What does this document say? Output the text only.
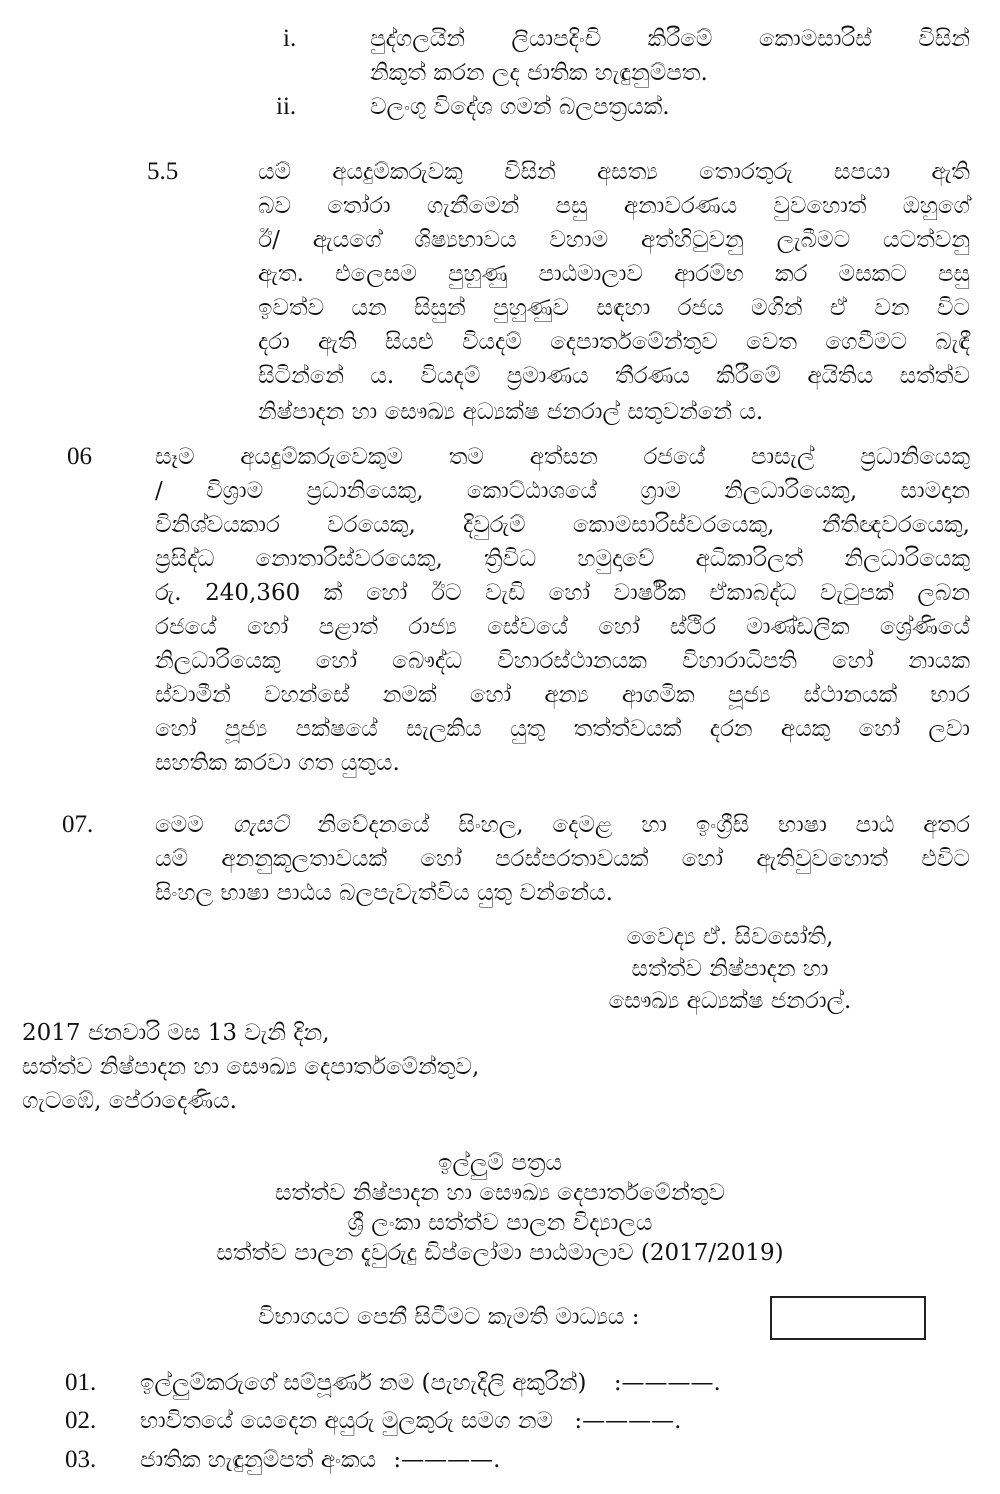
i.	පුද්ගලයින් ලියාපදිංචි කිරීමේ කොමසාරිස් විසින්
නිකුත් කරන ලද ජාතික හැඳුනුම්පත.
ii.	වලංගු විදේශ ගමන් බලපත්‍රයක්.
5.5	යම් අයදුම්කරුවකු විසින් අසත්‍ය තොරතුරු සපයා ඇති
බව තෝරා ගැනීමෙන් පසු අනාවරණය වුවහොත් ඔහුගේ
ඊ/ ඇයගේ ශිෂ්‍යභාවය වහාම අත්හිටුවනු ලැබීමට යටත්වනු
ඇත. එලෙසම පුහුණු පාඨමාලාව ආරම්භ කර මසකට පසු
ඉවත්ව යන සිසුන් පුහුණුව සඳහා රජය මගින් ඒ වන විට
දරා ඇති සියළු වියදම් දෙපාර්තමේන්තුව වෙත ගෙවීමට බැඳී
සිටින්නේ ය. වියදම් ප්‍රමාණය තීරණය කිරීමේ අයිතිය සත්ත්ව
නිෂ්පාදන හා සෞඛ්‍ය අධ්‍යක්ෂ ජනරාල් සතුවන්නේ ය.
06	සෑම අයදුම්කරුවෙකුම තම අත්සන රජයේ පාසැල් ප්‍රධානියෙකු
/ විශ්‍රාම ප්‍රධානියෙකු, කොට්ඨාශයේ ග්‍රාම නිලධාරියෙකු, සාමදාන
විනිශ්වයකාර වරයෙකු, දිවුරුම් කොමසාරිස්වරයෙකු, නීතිඥවරයෙකු,
ප්‍රසිද්ධ නොතාරිස්වරයෙකු, ත්‍රිවිධ හමුදාවේ අධිකාරිලත් නිලධාරියෙකු
රු. 240,360 ක් හෝ ඊට වැඩි හෝ වාර්ෂික ඒකාබද්ධ වැටුපක් ලබන
රජයේ හෝ පළාත් රාජ්‍ය සේවයේ හෝ ස්ථිර මාණ්ඩලික ශ්‍රේණියේ
නිලධාරියෙකු හෝ බෞද්ධ විහාරස්ථානයක විහාරාධිපති හෝ නායක
ස්වාමීන් වහන්සේ නමක් හෝ අන්‍ය ආගමික පූජ්‍ය ස්ථානයක් භාර
හෝ පූජ්‍ය පක්ෂයේ සැලකිය යුතු තත්ත්වයක් දරන අයකු හෝ ලවා
සහතික කරවා ගත යුතුය.
07.	මෙම ගැසට් නිවේදනයේ සිංහල, දෙමළ හා ඉංග්‍රීසි භාෂා පාඨ අතර
යම් අනනුකූලතාවයක් හෝ පරස්පරතාවයක් හෝ ඇතිවුවහොත් එවිට
සිංහල භාෂා පාඨය බලපැවැත්විය යුතු වන්නේය.
වෛද්‍ය ඒ. සිවසෝති,
සත්ත්ව නිෂ්පාදන හා
සෞඛ්‍ය අධ්‍යක්ෂ ජනරාල්.
2017 ජනවාරි මස 13 වැනි දින,
සත්ත්ව නිෂ්පාදන හා සෞඛ්‍ය දෙපාර්තමේන්තුව,
ගැටඹේ, පේරාදෙණිය.
ඉල්ලුම් පත්‍රය
සත්ත්ව නිෂ්පාදන හා සෞඛ්‍ය දෙපාර්තමේන්තුව
ශ්‍රී ලංකා සත්ත්ව පාලන විද්‍යාලය
සත්ත්ව පාලන දැවුරුදු ඩිප්ලෝමා පාඨමාලාව (2017/2019)
විභාගයට පෙනී සිටීමට කැමති මාධ්‍යය :
01. ඉල්ලුම්කරුගේ සම්පූර්ණ නම (පැහැදිලි අකුරින්) :————.
02. භාවිතයේ යෙදෙන අයුරු මුලකුරු සමග නම :————.
03. ජාතික හැඳුනුම්පත් අංකය :————.
